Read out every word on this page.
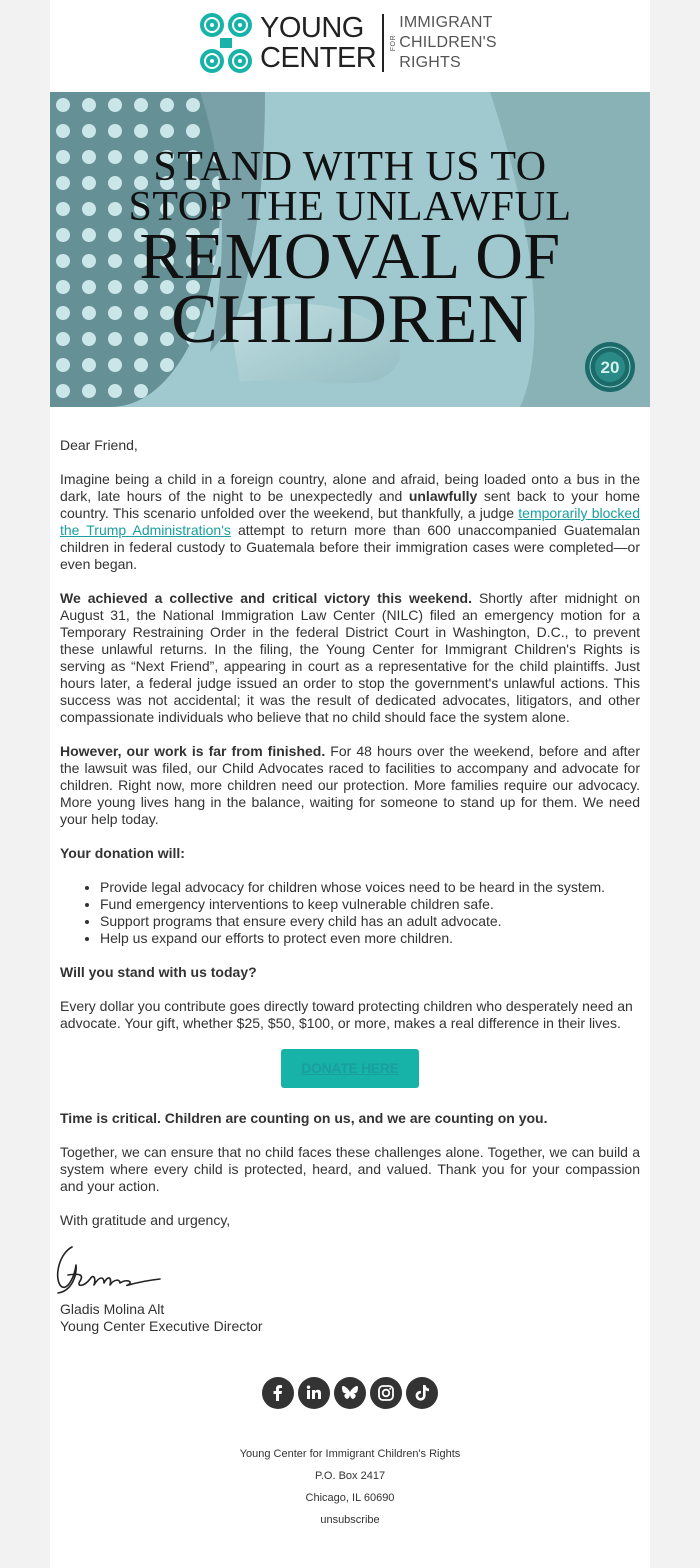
YOUNG
CENTER FOR
IMMIGRANT
CHILDREN'S
RIGHTS
STAND WITH US TO
STOP THE UNLAWFUL
REMOVAL OF
CHILDREN
20

Dear Friend,

Imagine being a child in a foreign country, alone and afraid, being loaded onto a bus in the dark, late hours of the night to be unexpectedly and unlawfully sent back to your home country. This scenario unfolded over the weekend, but thankfully, a judge temporarily blocked the Trump Administration's attempt to return more than 600 unaccompanied Guatemalan children in federal custody to Guatemala before their immigration cases were completed—or even began.

We achieved a collective and critical victory this weekend. Shortly after midnight on August 31, the National Immigration Law Center (NILC) filed an emergency motion for a Temporary Restraining Order in the federal District Court in Washington, D.C., to prevent these unlawful returns. In the filing, the Young Center for Immigrant Children's Rights is serving as “Next Friend”, appearing in court as a representative for the child plaintiffs. Just hours later, a federal judge issued an order to stop the government's unlawful actions. This success was not accidental; it was the result of dedicated advocates, litigators, and other compassionate individuals who believe that no child should face the system alone.

However, our work is far from finished. For 48 hours over the weekend, before and after the lawsuit was filed, our Child Advocates raced to facilities to accompany and advocate for children. Right now, more children need our protection. More families require our advocacy. More young lives hang in the balance, waiting for someone to stand up for them. We need your help today.

Your donation will:

• Provide legal advocacy for children whose voices need to be heard in the system.
• Fund emergency interventions to keep vulnerable children safe.
• Support programs that ensure every child has an adult advocate.
• Help us expand our efforts to protect even more children.

Will you stand with us today?

Every dollar you contribute goes directly toward protecting children who desperately need an advocate. Your gift, whether $25, $50, $100, or more, makes a real difference in their lives.

DONATE HERE

Time is critical. Children are counting on us, and we are counting on you.

Together, we can ensure that no child faces these challenges alone. Together, we can build a system where every child is protected, heard, and valued. Thank you for your compassion and your action.

With gratitude and urgency,

Gladis Molina Alt
Young Center Executive Director
Young Center for Immigrant Children's Rights
P.O. Box 2417
Chicago, IL 60690
unsubscribe
